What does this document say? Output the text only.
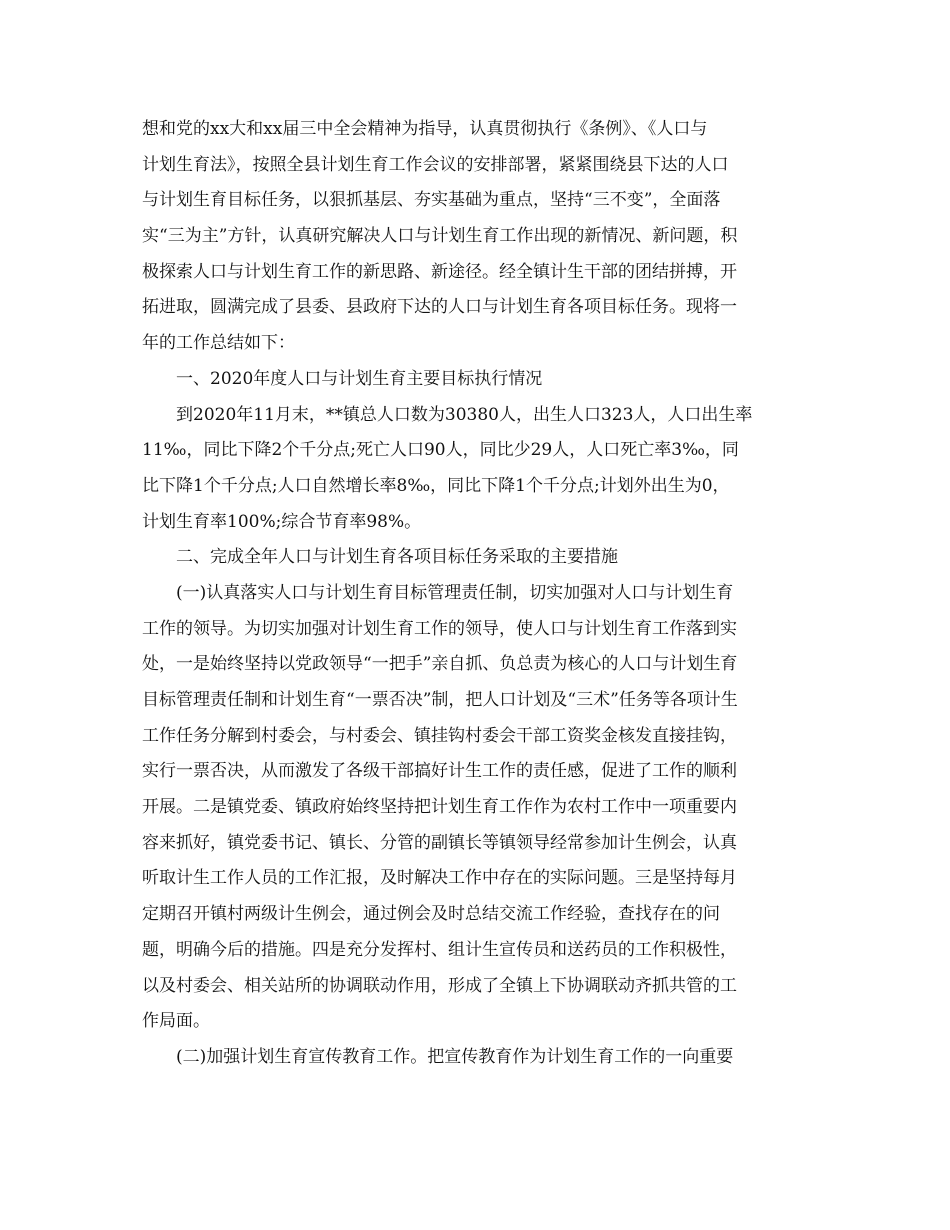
想和党的xx大和xx届三中全会精神为指导，认真贯彻执行《条例》、《人口与
计划生育法》，按照全县计划生育工作会议的安排部署，紧紧围绕县下达的人口
与计划生育目标任务，以狠抓基层、夯实基础为重点，坚持“三不变”，全面落
实“三为主”方针，认真研究解决人口与计划生育工作出现的新情况、新问题，积
极探索人口与计划生育工作的新思路、新途径。经全镇计生干部的团结拼搏，开
拓进取，圆满完成了县委、县政府下达的人口与计划生育各项目标任务。现将一
年的工作总结如下：
一、2020年度人口与计划生育主要目标执行情况
到2020年11月末，**镇总人口数为30380人，出生人口323人，人口出生率
11‰，同比下降2个千分点;死亡人口90人，同比少29人，人口死亡率3‰，同
比下降1个千分点;人口自然增长率8‰，同比下降1个千分点;计划外出生为0，
计划生育率100%;综合节育率98%。
二、完成全年人口与计划生育各项目标任务采取的主要措施
(一)认真落实人口与计划生育目标管理责任制，切实加强对人口与计划生育
工作的领导。为切实加强对计划生育工作的领导，使人口与计划生育工作落到实
处，一是始终坚持以党政领导“一把手”亲自抓、负总责为核心的人口与计划生育
目标管理责任制和计划生育“一票否决”制，把人口计划及“三术”任务等各项计生
工作任务分解到村委会，与村委会、镇挂钩村委会干部工资奖金核发直接挂钩，
实行一票否决，从而激发了各级干部搞好计生工作的责任感，促进了工作的顺利
开展。二是镇党委、镇政府始终坚持把计划生育工作作为农村工作中一项重要内
容来抓好，镇党委书记、镇长、分管的副镇长等镇领导经常参加计生例会，认真
听取计生工作人员的工作汇报，及时解决工作中存在的实际问题。三是坚持每月
定期召开镇村两级计生例会，通过例会及时总结交流工作经验，查找存在的问
题，明确今后的措施。四是充分发挥村、组计生宣传员和送药员的工作积极性，
以及村委会、相关站所的协调联动作用，形成了全镇上下协调联动齐抓共管的工
作局面。
(二)加强计划生育宣传教育工作。把宣传教育作为计划生育工作的一向重要
